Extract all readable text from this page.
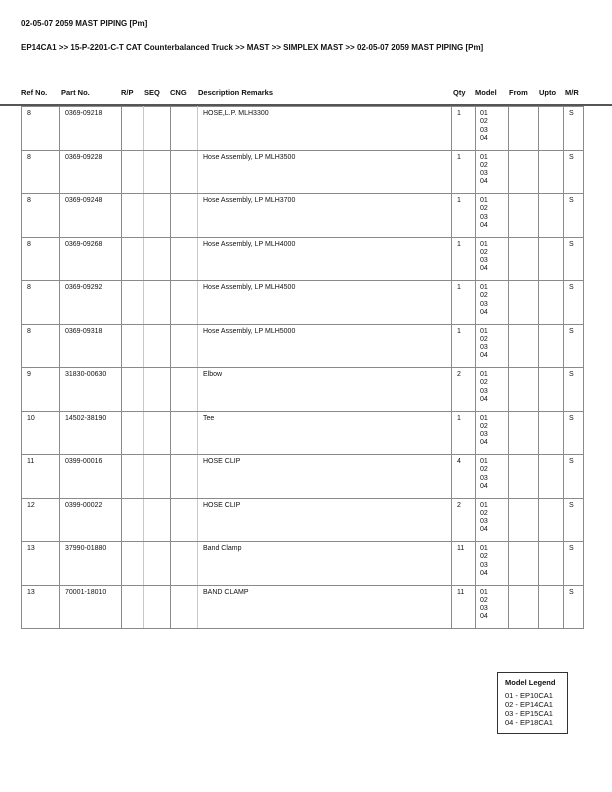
02-05-07 2059 MAST PIPING [Pm]
EP14CA1 >> 15-P-2201-C-T CAT Counterbalanced Truck >> MAST >> SIMPLEX MAST >> 02-05-07 2059 MAST PIPING [Pm]
Ref No. Part No.	R/P SEQ CNG Description Remarks	Qty Model From Upto M/R
8	0369-09218				HOSE,L.P. MLH3300	1	01
02
03
04			S
8	0369-09228				Hose Assembly, LP MLH3500	1	01
02
03
04			S
8	0369-09248				Hose Assembly, LP MLH3700	1	01
02
03
04			S
8	0369-09268				Hose Assembly, LP MLH4000	1	01
02
03
04			S
8	0369-09292				Hose Assembly, LP MLH4500	1	01
02
03
04			S
8	0369-09318				Hose Assembly, LP MLH5000	1	01
02
03
04			S
9	31830-00630				Elbow	2	01
02
03
04			S
10	14502-38190				Tee	1	01
02
03
04			S
11	0399-00016				HOSE CLIP	4	01
02
03
04			S
12	0399-00022				HOSE CLIP	2	01
02
03
04			S
13	37990-01880				Band Clamp	11	01
02
03
04			S
13	70001-18010				BAND CLAMP	11	01
02
03
04			S
Model Legend
01 - EP10CA1
02 - EP14CA1
03 - EP15CA1
04 - EP18CA1
